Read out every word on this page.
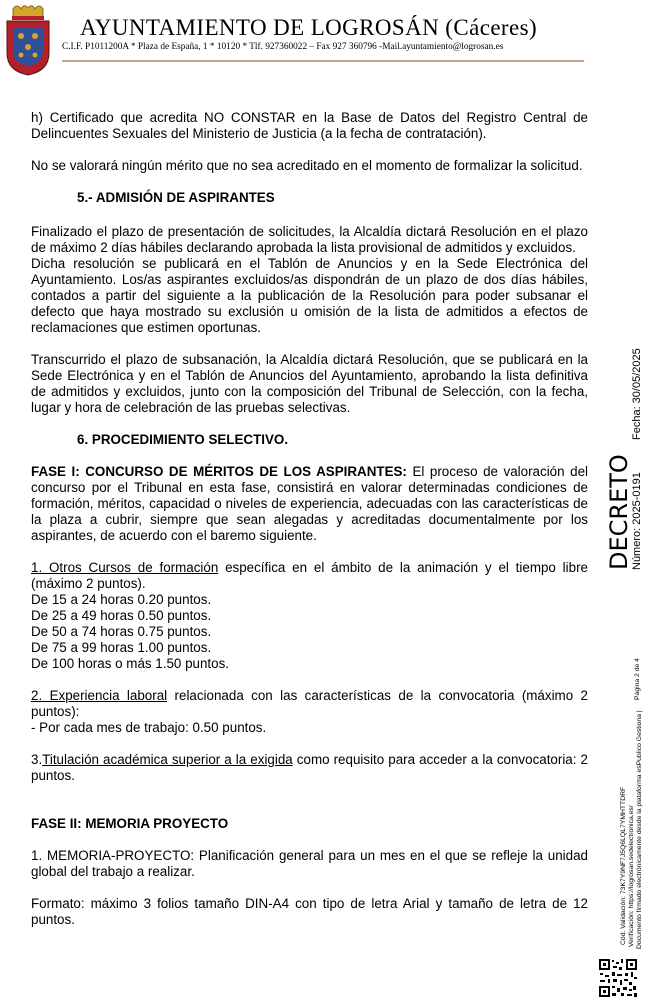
AYUNTAMIENTO DE LOGROSÁN (Cáceres)
C.I.F. P1011200A * Plaza de España, 1 * 10120 * Tlf. 927360022 – Fax 927 360796 -Mail.ayuntamiento@logrosan.es

h) Certificado que acredita NO CONSTAR en la Base de Datos del Registro Central de Delincuentes Sexuales del Ministerio de Justicia (a la fecha de contratación).

No se valorará ningún mérito que no sea acreditado en el momento de formalizar la solicitud.

5.- ADMISIÓN DE ASPIRANTES

Finalizado el plazo de presentación de solicitudes, la Alcaldía dictará Resolución en el plazo de máximo 2 días hábiles declarando aprobada la lista provisional de admitidos y excluidos.

Dicha resolución se publicará en el Tablón de Anuncios y en la Sede Electrónica del Ayuntamiento. Los/as aspirantes excluidos/as dispondrán de un plazo de dos días hábiles, contados a partir del siguiente a la publicación de la Resolución para poder subsanar el defecto que haya mostrado su exclusión u omisión de la lista de admitidos a efectos de reclamaciones que estimen oportunas.

Transcurrido el plazo de subsanación, la Alcaldía dictará Resolución, que se publicará en la Sede Electrónica y en el Tablón de Anuncios del Ayuntamiento, aprobando la lista definitiva de admitidos y excluidos, junto con la composición del Tribunal de Selección, con la fecha, lugar y hora de celebración de las pruebas selectivas.

6. PROCEDIMIENTO SELECTIVO.

FASE I: CONCURSO DE MÉRITOS DE LOS ASPIRANTES: El proceso de valoración del concurso por el Tribunal en esta fase, consistirá en valorar determinadas condiciones de formación, méritos, capacidad o niveles de experiencia, adecuadas con las características de la plaza a cubrir, siempre que sean alegadas y acreditadas documentalmente por los aspirantes, de acuerdo con el baremo siguiente.

1. Otros Cursos de formación específica en el ámbito de la animación y el tiempo libre (máximo 2 puntos).

De 15 a 24 horas 0.20 puntos.

De 25 a 49 horas 0.50 puntos.

De 50 a 74 horas 0.75 puntos.

De 75 a 99 horas 1.00 puntos.

De 100 horas o más 1.50 puntos.

2. Experiencia laboral relacionada con las características de la convocatoria (máximo 2 puntos):

- Por cada mes de trabajo: 0.50 puntos.

3.Titulación académica superior a la exigida como requisito para acceder a la convocatoria: 2 puntos.

FASE II: MEMORIA PROYECTO

1. MEMORIA-PROYECTO: Planificación general para un mes en el que se refleje la unidad global del trabajo a realizar.

Formato: máximo 3 folios tamaño DIN-A4 con tipo de letra Arial y tamaño de letra de 12 puntos.

DECRETO
Número: 2025-0191
Fecha: 30/05/2025
Página 2 de 4
Cód. Validación: 73K7Y9NF7J5Q6LQL7YMHTTDRF Verificación: https://logrosan.sedelectronica.es/ Documento firmado electrónicamente desde la plataforma esPublico Gestiona |
